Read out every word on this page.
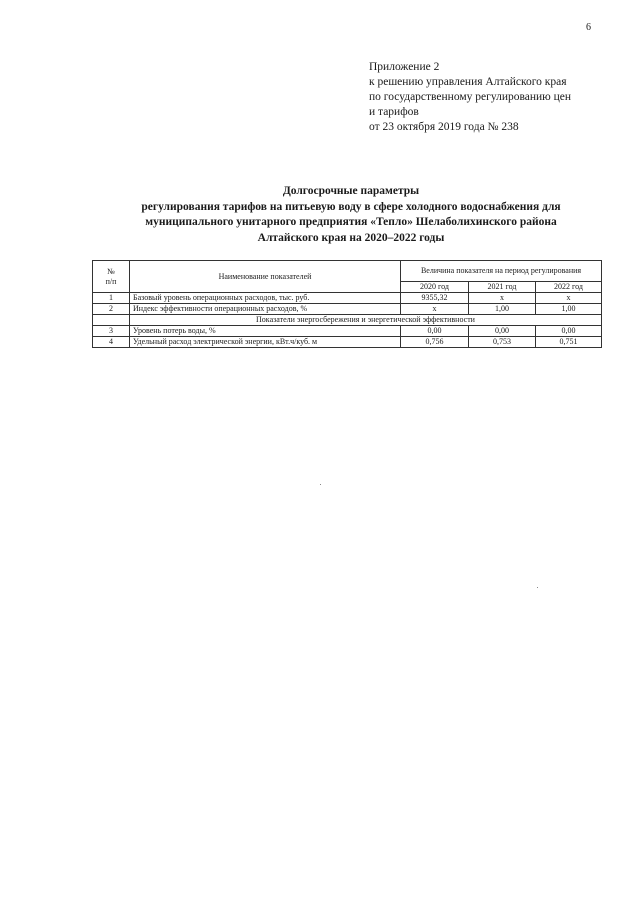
6
Приложение 2
к решению управления Алтайского края
по государственному регулированию цен
и тарифов
от 23 октября 2019 года № 238
Долгосрочные параметры
регулирования тарифов на питьевую воду в сфере холодного водоснабжения для
муниципального унитарного предприятия «Тепло» Шелаболихинского района
Алтайского края на 2020–2022 годы
№
п/п	Наименование показателей	Величина показателя на период регулирования		
		2020 год	2021 год	2022 год
1	Базовый уровень операционных расходов, тыс. руб.	9355,32	х	х
2	Индекс эффективности операционных расходов, %	х	1,00	1,00
	Показатели энергосбережения и энергетической эффективности			
3	Уровень потерь воды, %	0,00	0,00	0,00
4	Удельный расход электрической энергии, кВт.ч/куб. м	0,756	0,753	0,751
